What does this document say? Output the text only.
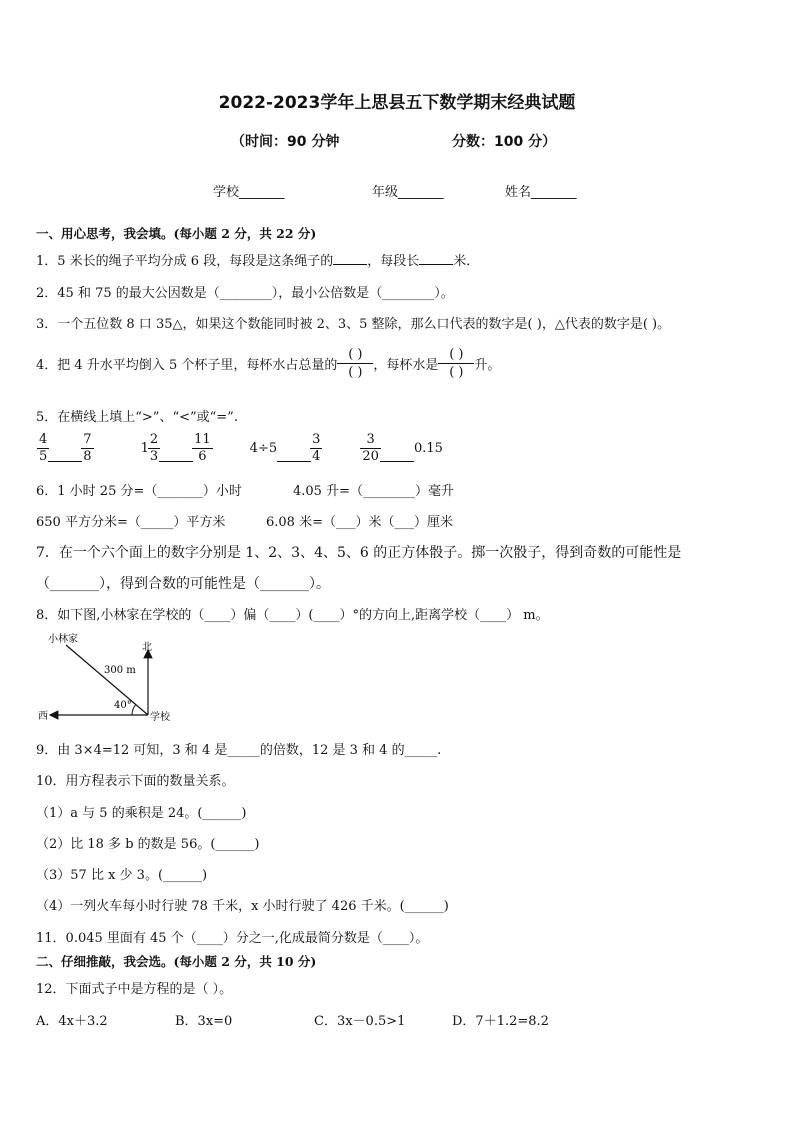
2022-2023学年上思县五下数学期末经典试题
（时间：90 分钟	分数：100 分）
学校_______	年级_______	姓名_______
一、用心思考，我会填。(每小题 2 分，共 22 分)
1．5 米长的绳子平均分成 6 段，每段是这条绳子的	，每段长	米．
2．45 和 75 的最大公因数是（________），最小公倍数是（________）。
3．一个五位数 8 口 35△，如果这个数能同时被 2、3、5 整除，那么口代表的数字是( )，△代表的数字是( )。
4．把 4 升水平均倒入 5 个杯子里，每杯水占总量的
( )
( ) ，每杯水是
( )
( ) 升。
5．在横线上填上“>”、“<”或“=”.
$\frac{4}{5}$	$\frac{7}{8}$	$1 \frac{2}{3}$	$\frac{11}{6}$	4÷5	$\frac{3}{4}$	$\frac{3}{20}$	0.15
6．1 小时 25 分=（_______）小时	4.05 升=（________）毫升
650 平方分米=（_____）平方米	6.08 米=（___）米（___）厘米
7．在一个六个面上的数字分别是 1、2、3、4、5、6 的正方体骰子。掷一次骰子，得到奇数的可能性是
（_______），得到合数的可能性是（_______）。
8．如下图,小林家在学校的（____）偏（____）(____）°的方向上,距离学校（____） m。
小林家
北
西	学校
300 m
40°
9．由 3×4=12 可知，3 和 4 是_____的倍数，12 是 3 和 4 的_____.
10．用方程表示下面的数量关系。
（1）a 与 5 的乘积是 24。(______)
（2）比 18 多 b 的数是 56。(______)
（3）57 比 x 少 3。(______)
（4）一列火车每小时行驶 78 千米，x 小时行驶了 426 千米。(______)
11．0.045 里面有 45 个（____）分之一,化成最简分数是（____）。
二、仔细推敲，我会选。(每小题 2 分，共 10 分)
12．下面式子中是方程的是（ ）。
A．4x＋3.2	B．3x=0	C．3x－0.5>1	D．7＋1.2=8.2
